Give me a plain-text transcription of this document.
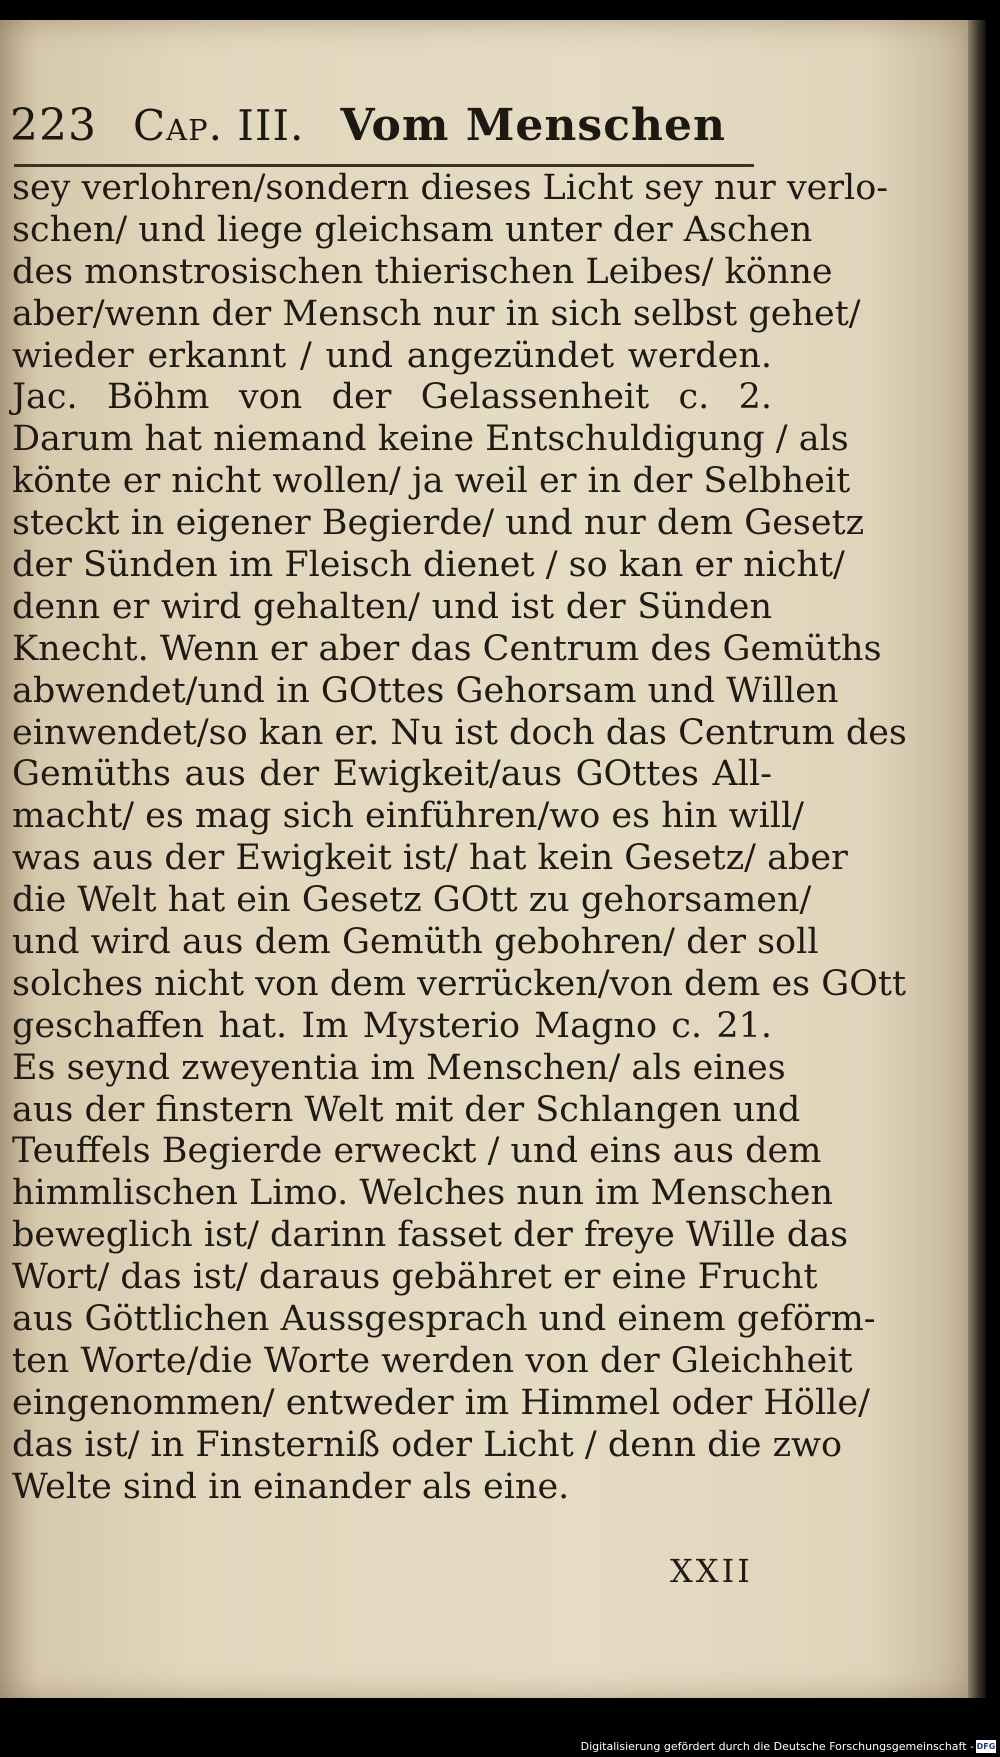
223 Cap. III. Vom Menschen
sey verlohren/sondern dieses Licht sey nur verlo-
schen/ und liege gleichsam unter der Aschen
des monstrosischen thierischen Leibes/ könne
aber/wenn der Mensch nur in sich selbst gehet/
wieder erkannt / und angezündet werden.
Jac. Böhm von der Gelassenheit c. 2.
Darum hat niemand keine Entschuldigung / als
könte er nicht wollen/ ja weil er in der Selbheit
steckt in eigener Begierde/ und nur dem Gesetz
der Sünden im Fleisch dienet / so kan er nicht/
denn er wird gehalten/ und ist der Sünden
Knecht. Wenn er aber das Centrum des Gemüths
abwendet/und in GOttes Gehorsam und Willen
einwendet/so kan er. Nu ist doch das Centrum des
Gemüths aus der Ewigkeit/aus GOttes All-
macht/ es mag sich einführen/wo es hin will/
was aus der Ewigkeit ist/ hat kein Gesetz/ aber
die Welt hat ein Gesetz GOtt zu gehorsamen/
und wird aus dem Gemüth gebohren/ der soll
solches nicht von dem verrücken/von dem es GOtt
geschaffen hat. Im Mysterio Magno c. 21.
Es seynd zweyentia im Menschen/ als eines
aus der finstern Welt mit der Schlangen und
Teuffels Begierde erweckt / und eins aus dem
himmlischen Limo. Welches nun im Menschen
beweglich ist/ darinn fasset der freye Wille das
Wort/ das ist/ daraus gebähret er eine Frucht
aus Göttlichen Aussgesprach und einem geförm-
ten Worte/die Worte werden von der Gleichheit
eingenommen/ entweder im Himmel oder Hölle/
das ist/ in Finsterniß oder Licht / denn die zwo
Welte sind in einander als eine.
XXII
Digitalisierung gefördert durch die Deutsche Forschungsgemeinschaft - DFG
